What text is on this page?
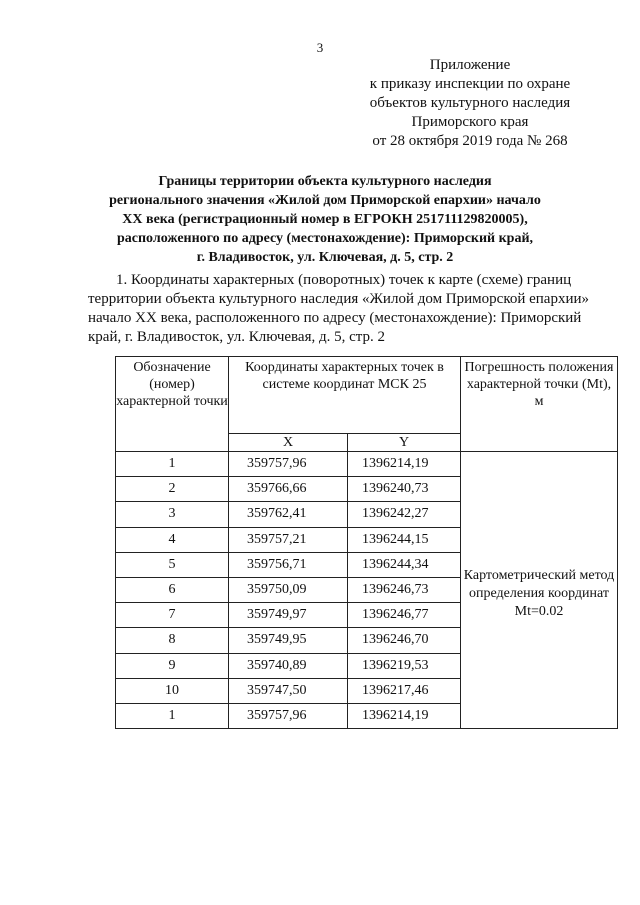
3
Приложение
к приказу инспекции по охране
объектов культурного наследия
Приморского края
от 28 октября 2019 года № 268
Границы территории объекта культурного наследия
регионального значения «Жилой дом Приморской епархии» начало
ХХ века (регистрационный номер в ЕГРОКН 251711129820005),
расположенного по адресу (местонахождение): Приморский край,
г. Владивосток, ул. Ключевая, д. 5, стр. 2
1. Координаты характерных (поворотных) точек к карте (схеме) границ
территории объекта культурного наследия «Жилой дом Приморской епархии»
начало ХХ века, расположенного по адресу (местонахождение): Приморский
край, г. Владивосток, ул. Ключевая, д. 5, стр. 2
Обозначение (номер) характерной точки	Координаты характерных точек в системе координат МСК 25		Погрешность положения характерной точки (Mt), м
	X	Y	
1	359757,96	1396214,19	Картометрический метод определения координат Mt=0.02
2	359766,66	1396240,73	
3	359762,41	1396242,27	
4	359757,21	1396244,15	
5	359756,71	1396244,34	
6	359750,09	1396246,73	
7	359749,97	1396246,77	
8	359749,95	1396246,70	
9	359740,89	1396219,53	
10	359747,50	1396217,46	
1	359757,96	1396214,19	
